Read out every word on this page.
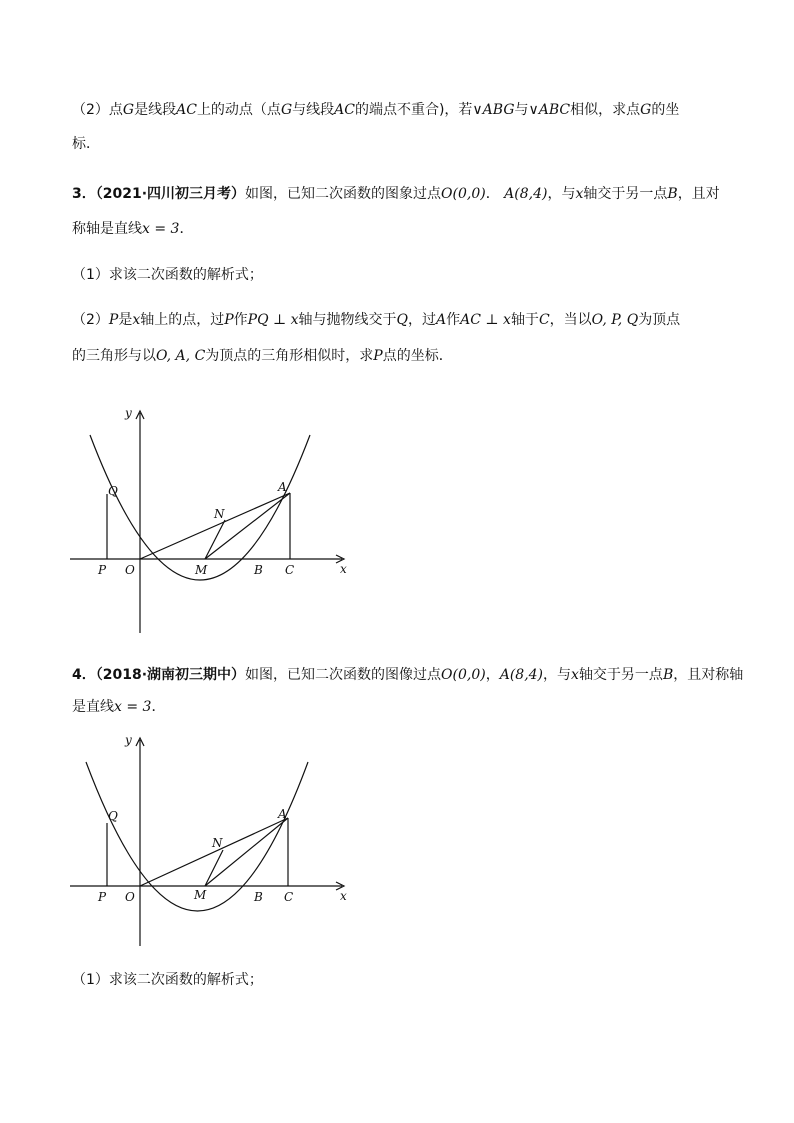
（2）点G是线段AC上的动点（点G与线段AC的端点不重合)，若∨ABG与∨ABC相似，求点G的坐
标．
3．（2021·四川初三月考）如图，已知二次函数的图象过点O(0,0)． A(8,4)，与x轴交于另一点B，且对
称轴是直线x = 3．
（1）求该二次函数的解析式；
（2）P是x轴上的点，过P作PQ ⊥ x轴与抛物线交于Q，过A作AC ⊥ x轴于C，当以O, P, Q为顶点
的三角形与以O, A, C为顶点的三角形相似时，求P点的坐标．
y
x
O
P
Q	A
N
M	B C
4．（2018·湖南初三期中）如图，已知二次函数的图像过点O(0,0)，A(8,4)，与x轴交于另一点B，且对称轴
是直线x = 3．
y
x
O
P
Q	A
N
M	B C
（1）求该二次函数的解析式；
